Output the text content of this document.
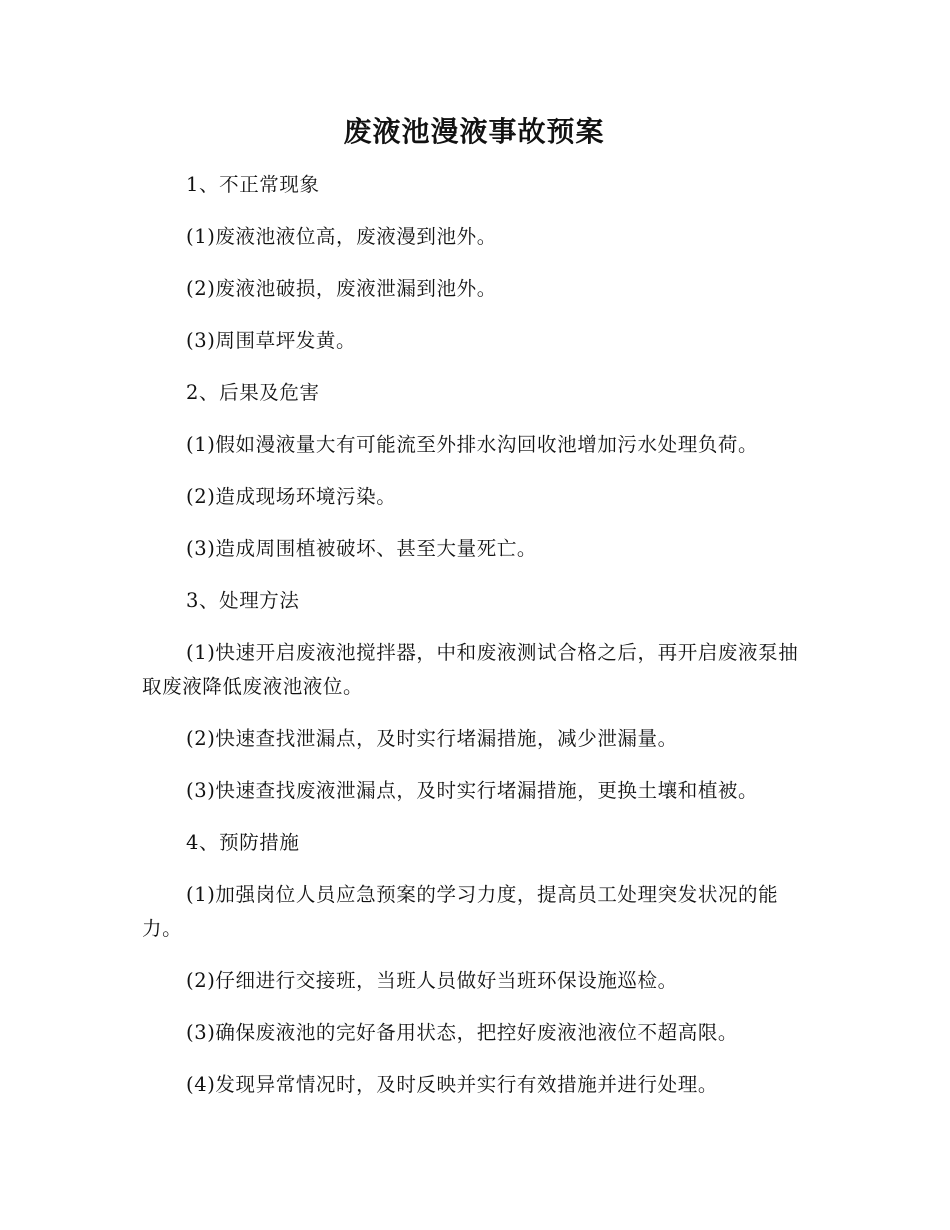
废液池漫液事故预案

1、不正常现象

(1)废液池液位高，废液漫到池外。

(2)废液池破损，废液泄漏到池外。

(3)周围草坪发黄。

2、后果及危害

(1)假如漫液量大有可能流至外排水沟回收池增加污水处理负荷。

(2)造成现场环境污染。

(3)造成周围植被破坏、甚至大量死亡。

3、处理方法

(1)快速开启废液池搅拌器，中和废液测试合格之后，再开启废液泵抽取废液降低废液池液位。

(2)快速查找泄漏点，及时实行堵漏措施，减少泄漏量。

(3)快速查找废液泄漏点，及时实行堵漏措施，更换土壤和植被。

4、预防措施

(1)加强岗位人员应急预案的学习力度，提高员工处理突发状况的能力。

(2)仔细进行交接班，当班人员做好当班环保设施巡检。

(3)确保废液池的完好备用状态，把控好废液池液位不超高限。

(4)发现异常情况时，及时反映并实行有效措施并进行处理。
